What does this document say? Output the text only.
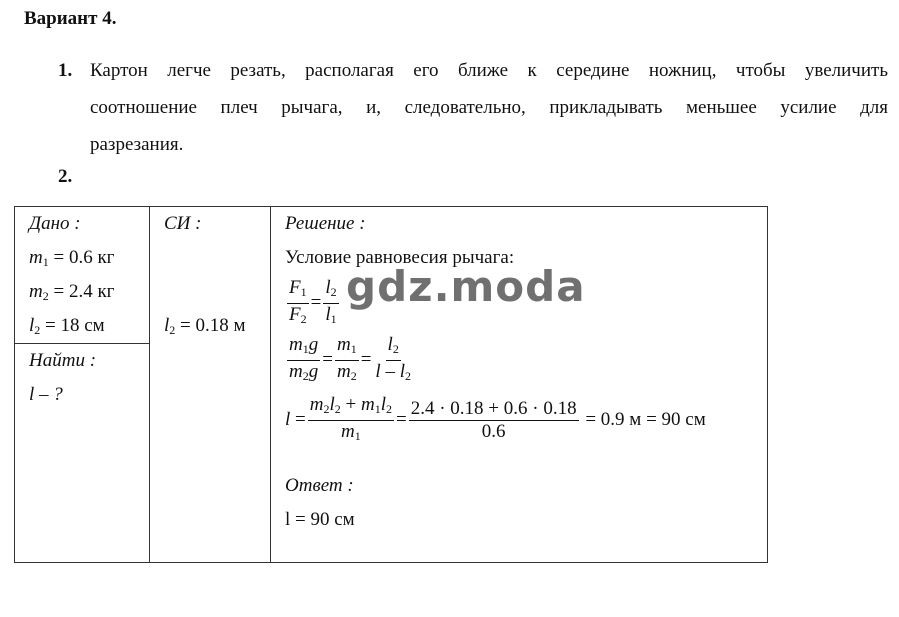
Вариант 4.
1. Картон легче резать, располагая его ближе к середине ножниц, чтобы увеличить
соотношение плеч рычага, и, следовательно, прикладывать меньшее усилие для
разрезания.
2.
Дано :
$m_1 = 0.6$ кг
$m_2 = 2.4$ кг
$l_2 = 18$ см

СИ :
$l_2 = 0.18$ м

Решение :
Условие равновесия рычага:
$\frac{F_1}{F_2} = \frac{l_2}{l_1}$
$\frac{m_1g}{m_2g} = \frac{m_1}{m_2} = \frac{l_2}{l - l_2}$
$l = \frac{m_2l_2 + m_1l_2}{m_1} = \frac{2.4 \cdot 0.18 + 0.6 \cdot 0.18}{0.6}$
= 0.9 м = 90 см
Ответ :
l = 90 см

Найти :
l – ?
gdz.moda
